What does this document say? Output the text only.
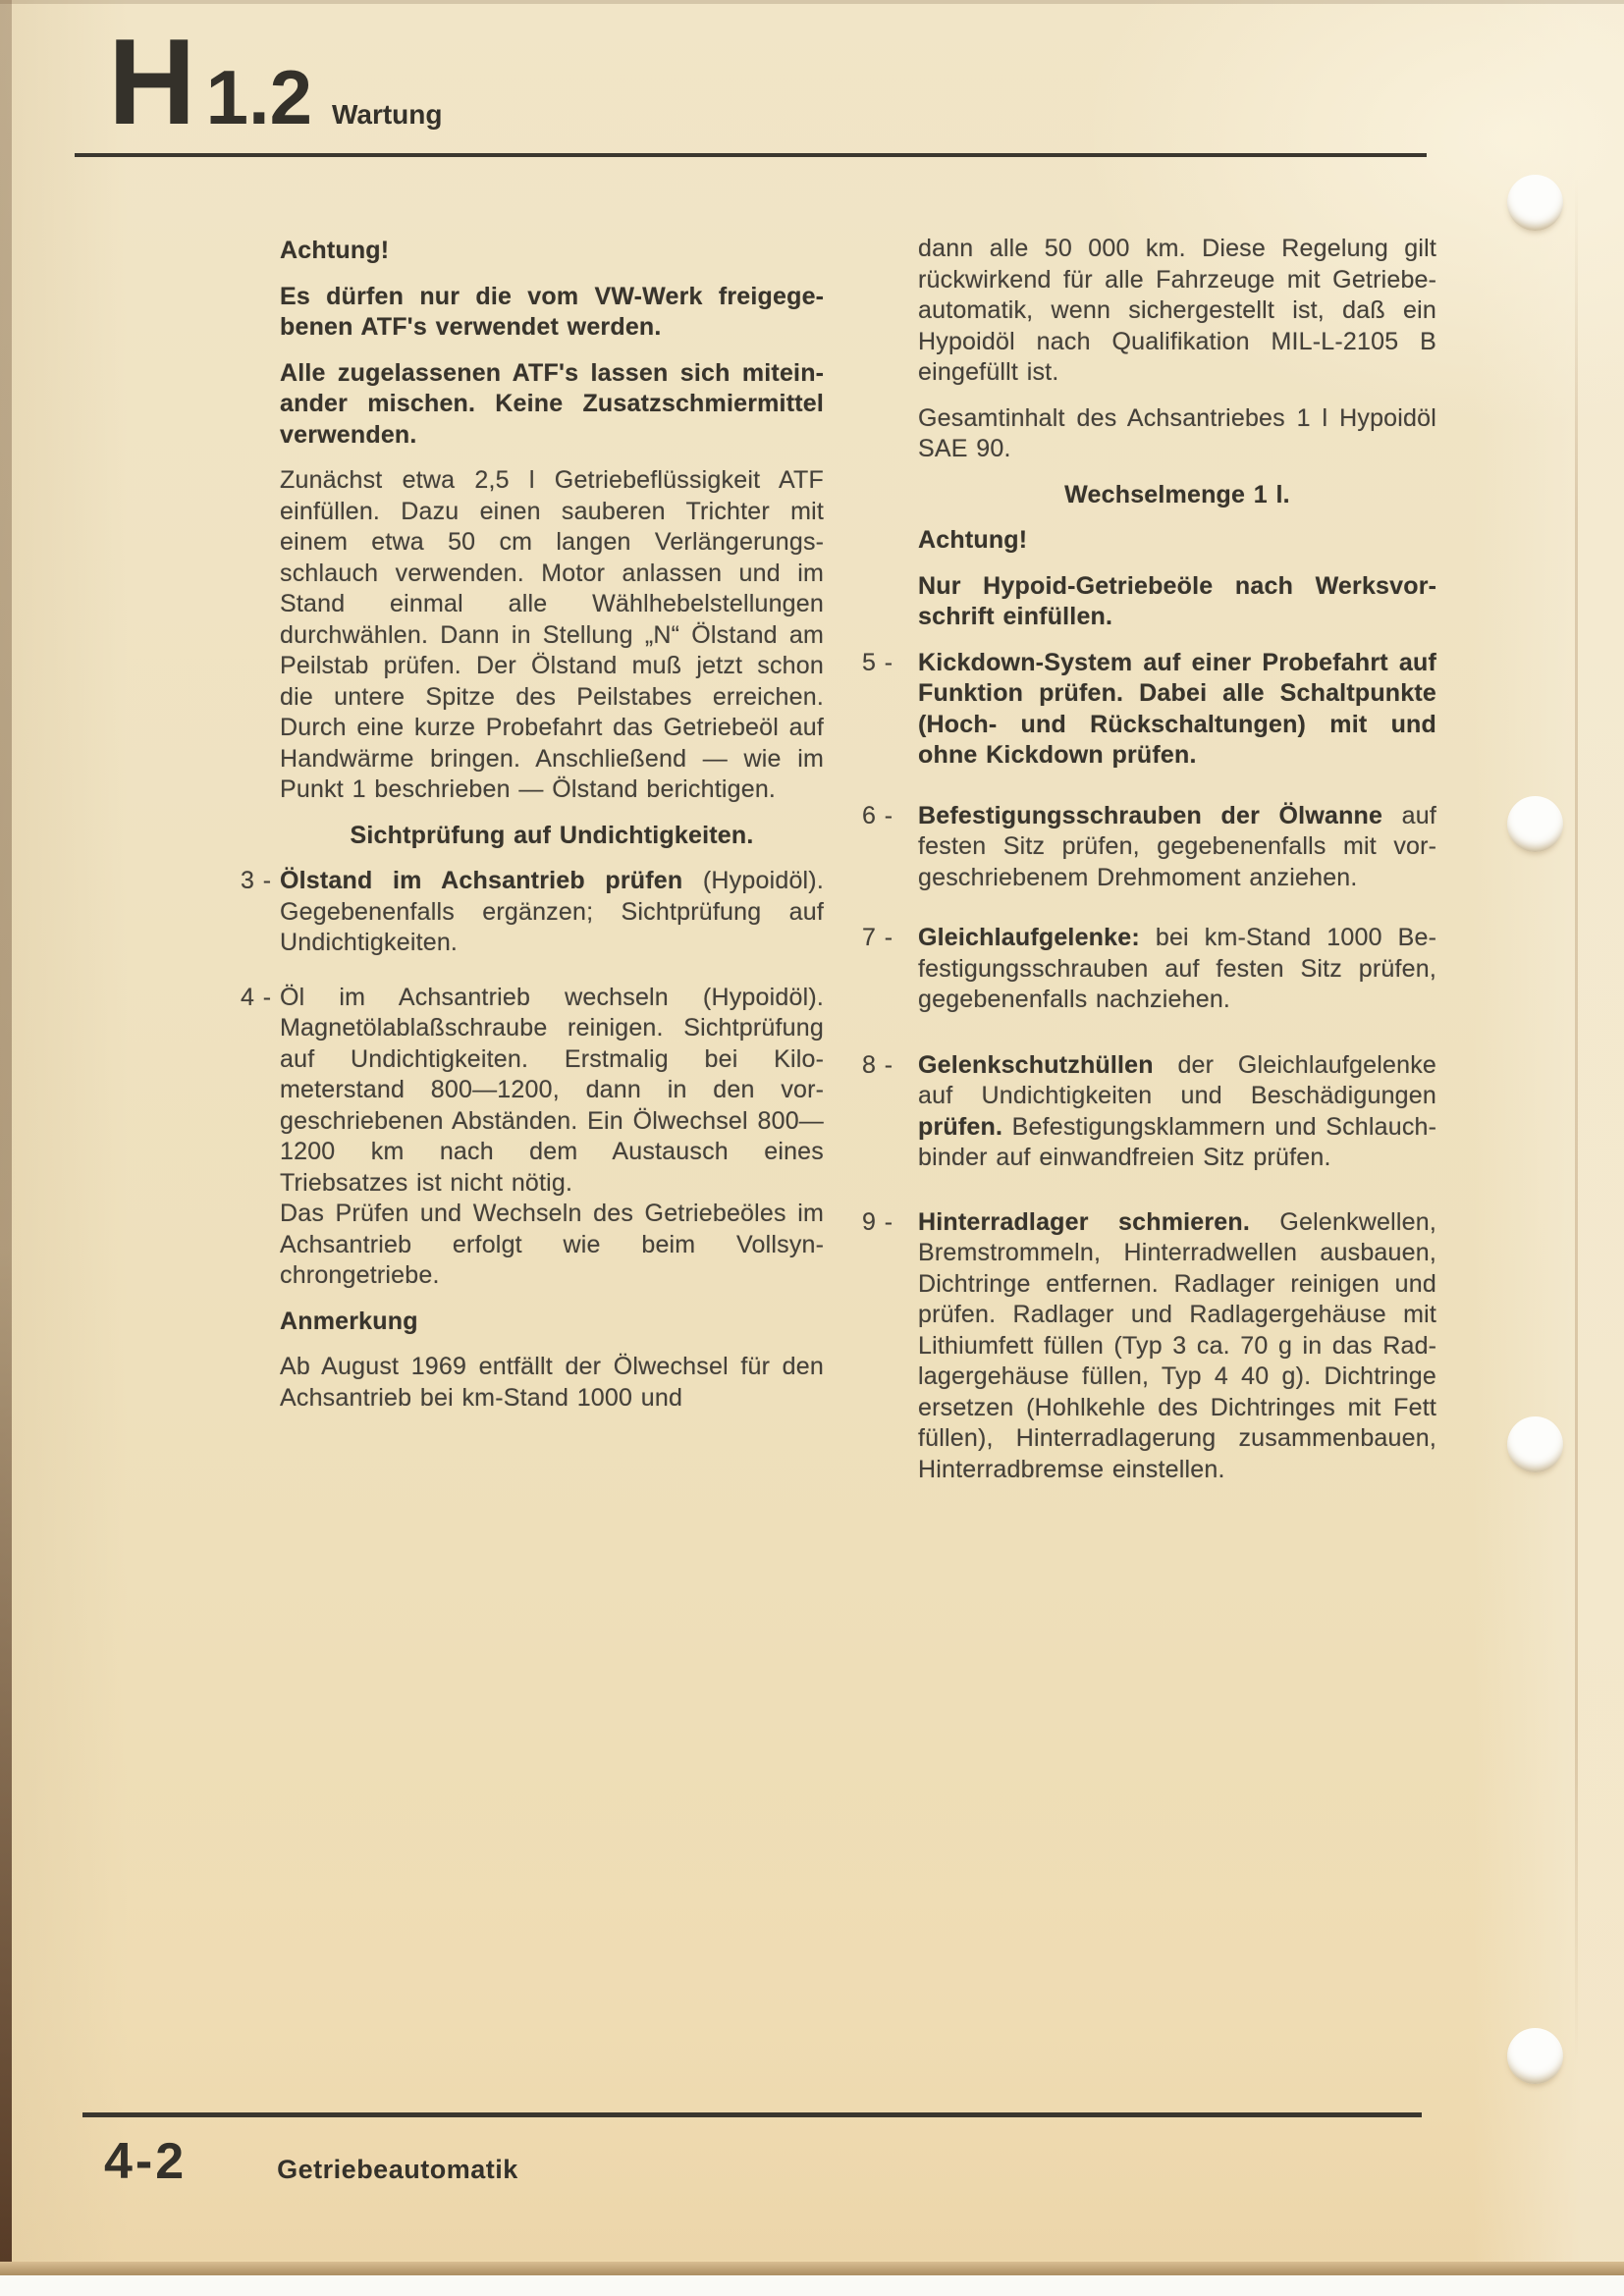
H 1.2 Wartung
Achtung!

Es dürfen nur die vom VW-Werk freigegebenen ATF's verwendet werden.

Alle zugelassenen ATF's lassen sich miteinander mischen. Keine Zusatzschmiermittel verwenden.

Zunächst etwa 2,5 l Getriebeflüssigkeit ATF einfüllen. Dazu einen sauberen Trichter mit einem etwa 50 cm langen Verlängerungsschlauch verwenden. Motor anlassen und im Stand einmal alle Wählhebelstellungen durchwählen. Dann in Stellung „N“ Ölstand am Peilstab prüfen. Der Ölstand muß jetzt schon die untere Spitze des Peilstabes erreichen. Durch eine kurze Probefahrt das Getriebeöl auf Handwärme bringen. Anschließend — wie im Punkt 1 beschrieben — Ölstand berichtigen.

Sichtprüfung auf Undichtigkeiten.
3 - Ölstand im Achsantrieb prüfen (Hypoidöl). Gegebenenfalls ergänzen; Sichtprüfung auf Undichtigkeiten.
4 - Öl im Achsantrieb wechseln (Hypoidöl). Magnetölablaßschraube reinigen. Sichtprüfung auf Undichtigkeiten. Erstmalig bei Kilometerstand 800—1200, dann in den vorgeschriebenen Abständen. Ein Ölwechsel 800—1200 km nach dem Austausch eines Triebsatzes ist nicht nötig.
Das Prüfen und Wechseln des Getriebeöles im Achsantrieb erfolgt wie beim Vollsynchrongetriebe.
Anmerkung

Ab August 1969 entfällt der Ölwechsel für den Achsantrieb bei km-Stand 1000 und

dann alle 50 000 km. Diese Regelung gilt rückwirkend für alle Fahrzeuge mit Getriebeautomatik, wenn sichergestellt ist, daß ein Hypoidöl nach Qualifikation MIL-L-2105 B eingefüllt ist.

Gesamtinhalt des Achsantriebes 1 l Hypoidöl SAE 90.

Wechselmenge 1 l.
Achtung!

Nur Hypoid-Getriebeöle nach Werksvorschrift einfüllen.

5 -	Kickdown-System auf einer Probefahrt auf Funktion prüfen. Dabei alle Schaltpunkte (Hoch- und Rückschaltungen) mit und ohne Kickdown prüfen.
6 -	Befestigungsschrauben der Ölwanne auf festen Sitz prüfen, gegebenenfalls mit vorgeschriebenem Drehmoment anziehen.
7 -	Gleichlaufgelenke: bei km-Stand 1000 Befestigungsschrauben auf festen Sitz prüfen, gegebenenfalls nachziehen.
8 -	Gelenkschutzhüllen der Gleichlaufgelenke auf Undichtigkeiten und Beschädigungen prüfen. Befestigungsklammern und Schlauchbinder auf einwandfreien Sitz prüfen.
9 -	Hinterradlager schmieren. Gelenkwellen, Bremstrommeln, Hinterradwellen ausbauen, Dichtringe entfernen. Radlager reinigen und prüfen. Radlager und Radlagergehäuse mit Lithiumfett füllen (Typ 3 ca. 70 g in das Radlagergehäuse füllen, Typ 4 40 g). Dichtringe ersetzen (Hohlkehle des Dichtringes mit Fett füllen), Hinterradlagerung zusammenbauen, Hinterradbremse einstellen.
4-2	Getriebeautomatik
